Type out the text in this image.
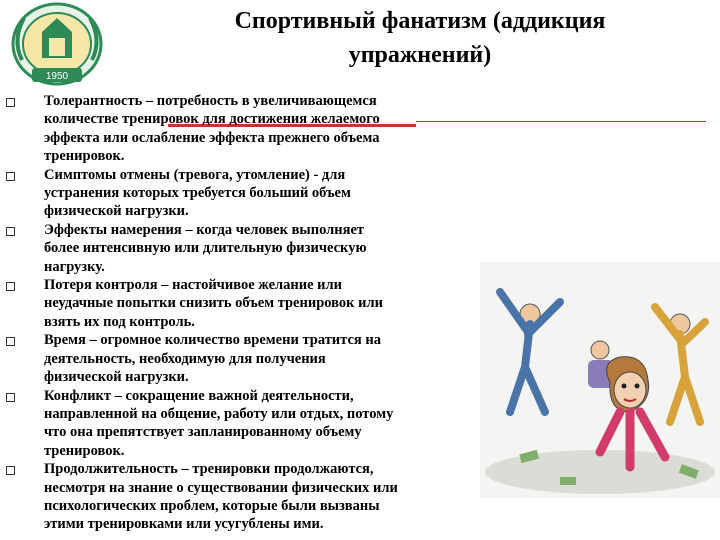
1950
Спортивный фанатизм (аддикция
упражнений)
Толерантность – потребность в увеличивающемся
количестве тренировок для достижения желаемого
эффекта или ослабление эффекта прежнего объема
тренировок.
Симптомы отмены (тревога, утомление) - для
устранения которых требуется больший объем
физической нагрузки.
Эффекты намерения – когда человек выполняет
более интенсивную или длительную физическую
нагрузку.
Потеря контроля – настойчивое желание или
неудачные попытки снизить объем тренировок или
взять их под контроль.
Время – огромное количество времени тратится на
деятельность, необходимую для получения
физической нагрузки.
Конфликт – сокращение важной деятельности,
направленной на общение, работу или отдых, потому
что она препятствует запланированному объему
тренировок.
Продолжительность – тренировки продолжаются,
несмотря на знание о существовании физических или
психологических проблем, которые были вызваны
этими тренировками или усугублены ими.
